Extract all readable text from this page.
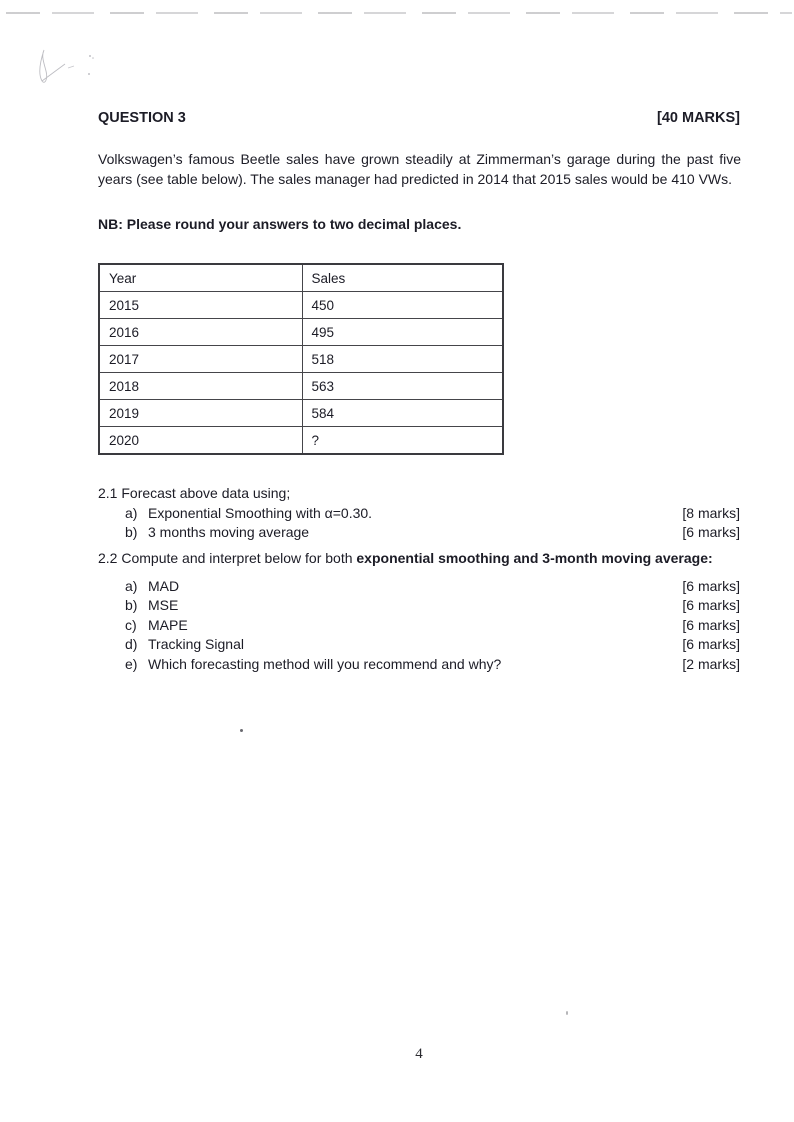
QUESTION 3	[40 MARKS]
Volkswagen’s famous Beetle sales have grown steadily at Zimmerman’s garage during the past five years (see table below). The sales manager had predicted in 2014 that 2015 sales would be 410 VWs.
NB: Please round your answers to two decimal places.
Year	Sales
2015	450
2016	495
2017	518
2018	563
2019	584
2020	?
2.1 Forecast above data using;
a) Exponential Smoothing with α=0.30.	[8 marks]
b) 3 months moving average	[6 marks]
2.2 Compute and interpret below for both exponential smoothing and 3-month moving average:
a) MAD	[6 marks]
b) MSE	[6 marks]
c) MAPE	[6 marks]
d) Tracking Signal	[6 marks]
e) Which forecasting method will you recommend and why?	[2 marks]
4
